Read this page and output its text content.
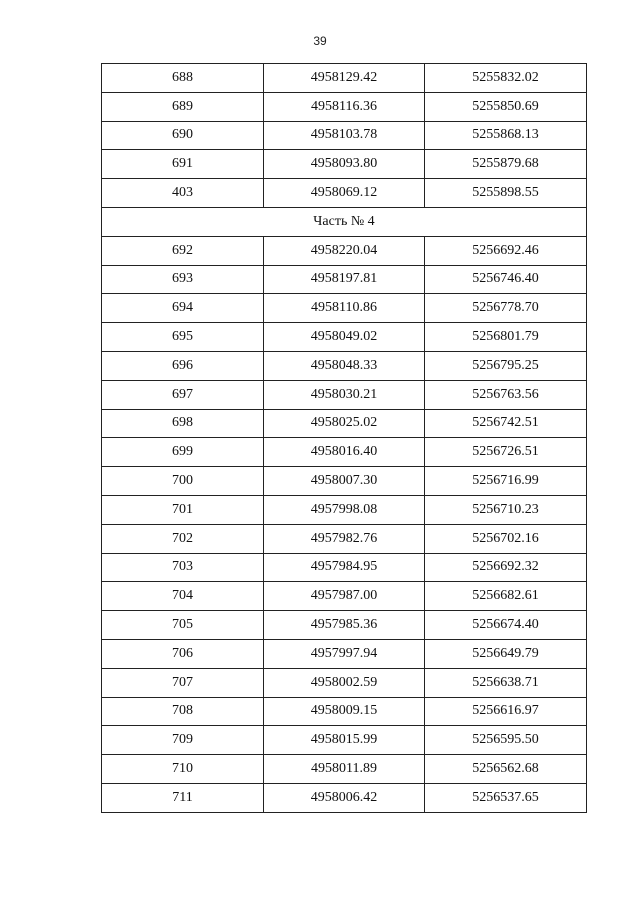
39
688	4958129.42	5255832.02
689	4958116.36	5255850.69
690	4958103.78	5255868.13
691	4958093.80	5255879.68
403	4958069.12	5255898.55
Часть № 4		
692	4958220.04	5256692.46
693	4958197.81	5256746.40
694	4958110.86	5256778.70
695	4958049.02	5256801.79
696	4958048.33	5256795.25
697	4958030.21	5256763.56
698	4958025.02	5256742.51
699	4958016.40	5256726.51
700	4958007.30	5256716.99
701	4957998.08	5256710.23
702	4957982.76	5256702.16
703	4957984.95	5256692.32
704	4957987.00	5256682.61
705	4957985.36	5256674.40
706	4957997.94	5256649.79
707	4958002.59	5256638.71
708	4958009.15	5256616.97
709	4958015.99	5256595.50
710	4958011.89	5256562.68
711	4958006.42	5256537.65
